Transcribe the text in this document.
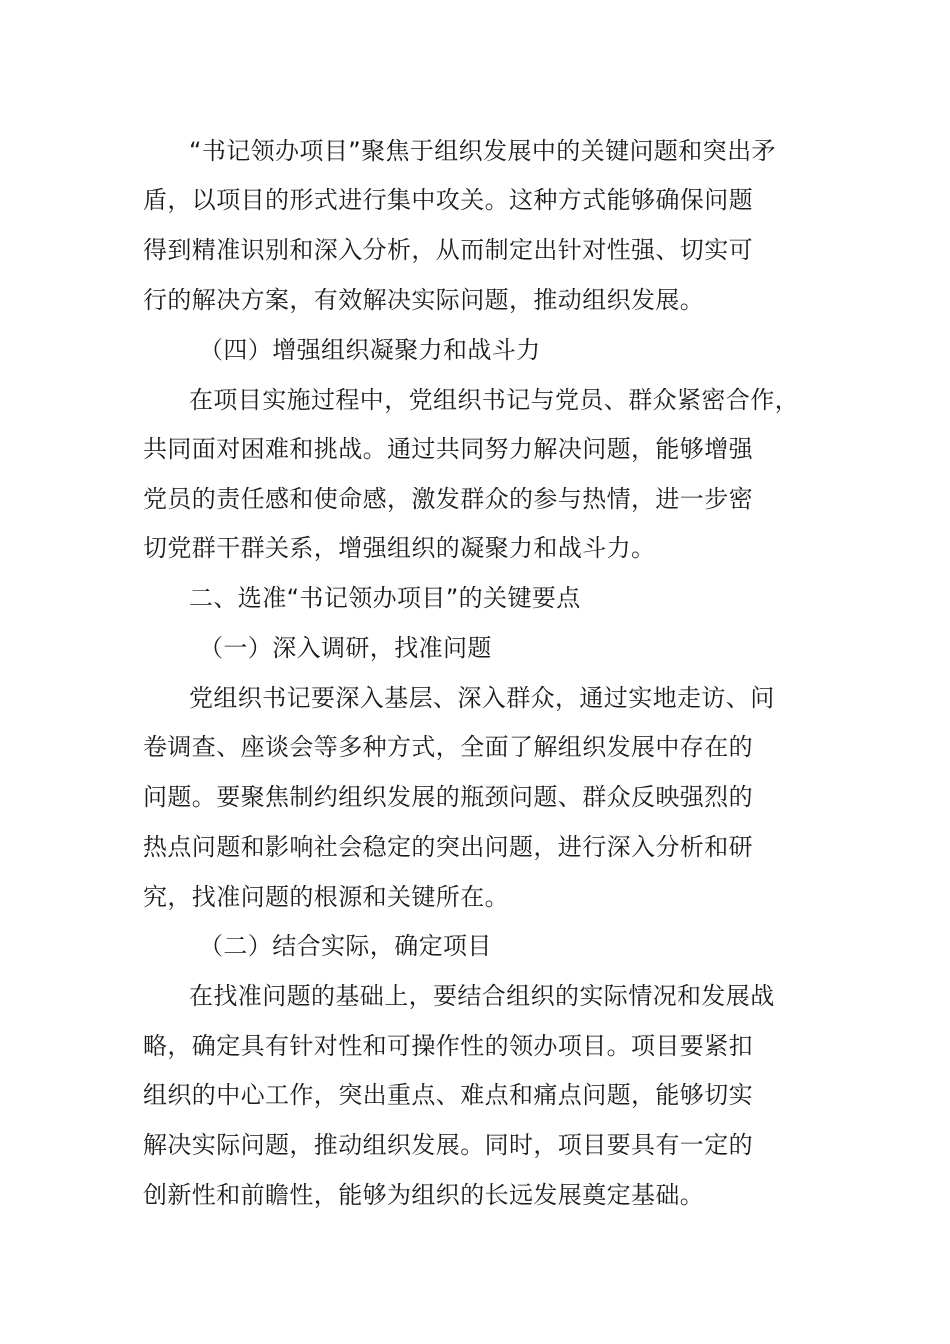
“书记领办项目”聚焦于组织发展中的关键问题和突出矛
盾，以项目的形式进行集中攻关。这种方式能够确保问题
得到精准识别和深入分析，从而制定出针对性强、切实可
行的解决方案，有效解决实际问题，推动组织发展。
（四）增强组织凝聚力和战斗力
在项目实施过程中，党组织书记与党员、群众紧密合作，
共同面对困难和挑战。通过共同努力解决问题，能够增强
党员的责任感和使命感，激发群众的参与热情，进一步密
切党群干群关系，增强组织的凝聚力和战斗力。
二、选准“书记领办项目”的关键要点
（一）深入调研，找准问题
党组织书记要深入基层、深入群众，通过实地走访、问
卷调查、座谈会等多种方式，全面了解组织发展中存在的
问题。要聚焦制约组织发展的瓶颈问题、群众反映强烈的
热点问题和影响社会稳定的突出问题，进行深入分析和研
究，找准问题的根源和关键所在。
（二）结合实际，确定项目
在找准问题的基础上，要结合组织的实际情况和发展战
略，确定具有针对性和可操作性的领办项目。项目要紧扣
组织的中心工作，突出重点、难点和痛点问题，能够切实
解决实际问题，推动组织发展。同时，项目要具有一定的
创新性和前瞻性，能够为组织的长远发展奠定基础。
